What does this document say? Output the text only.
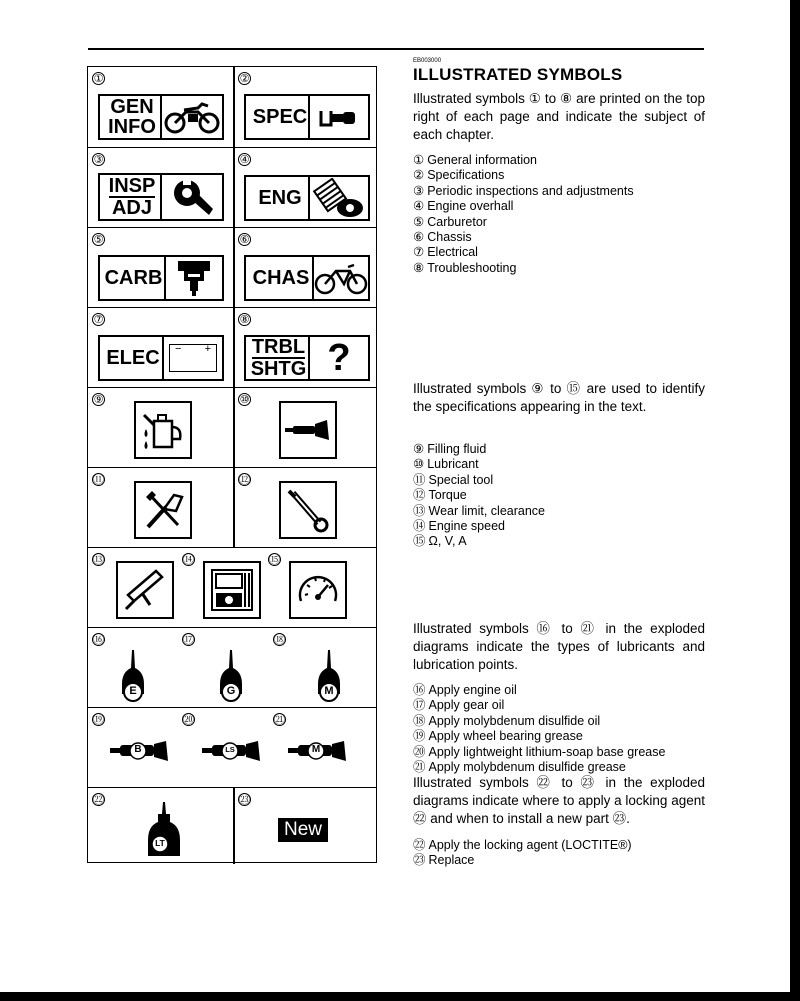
①
GEN
INFO
②
SPEC
③
INSP
ADJ
④
ENG
⑤
CARB
⑥
CHAS
⑦
ELEC − +
⑧
TRBL
SHTG ?
⑨	⑩
⑪	⑫
⑬	⑭	⑮
⑯
E
⑰
G
⑱
M
⑲
B
⑳
LS
㉑
M
㉒
LT
㉓
New
EB003000
ILLUSTRATED SYMBOLS
Illustrated symbols ① to ⑧ are printed on the top right of each page and indicate the subject of each chapter.
① General information
② Specifications
③ Periodic inspections and adjustments
④ Engine overhall
⑤ Carburetor
⑥ Chassis
⑦ Electrical
⑧ Troubleshooting
Illustrated symbols ⑨ to ⑮ are used to identify the specifications appearing in the text.
⑨ Filling fluid
⑩ Lubricant
⑪ Special tool
⑫ Torque
⑬ Wear limit, clearance
⑭ Engine speed
⑮ Ω, V, A
Illustrated symbols ⑯ to ㉑ in the exploded diagrams indicate the types of lubricants and lubrication points.
⑯ Apply engine oil
⑰ Apply gear oil
⑱ Apply molybdenum disulfide oil
⑲ Apply wheel bearing grease
⑳ Apply lightweight lithium-soap base grease
㉑ Apply molybdenum disulfide grease
Illustrated symbols ㉒ to ㉓ in the exploded diagrams indicate where to apply a locking agent ㉒ and when to install a new part ㉓.
㉒ Apply the locking agent (LOCTITE®)
㉓ Replace
